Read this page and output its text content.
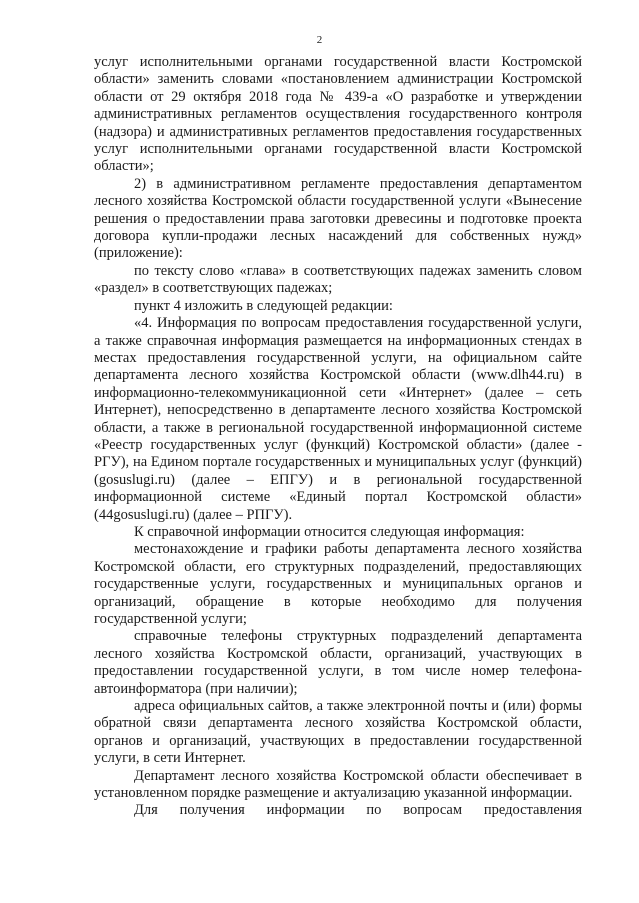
2

услуг исполнительными органами государственной власти Костромской области» заменить словами «постановлением администрации Костромской области от 29 октября 2018 года № 439-а «О разработке и утверждении административных регламентов осуществления государственного контроля (надзора) и административных регламентов предоставления государственных услуг исполнительными органами государственной власти Костромской области»;

2) в административном регламенте предоставления департаментом лесного хозяйства Костромской области государственной услуги «Вынесение решения о предоставлении права заготовки древесины и подготовке проекта договора купли-продажи лесных насаждений для собственных нужд» (приложение):

по тексту слово «глава» в соответствующих падежах заменить словом «раздел» в соответствующих падежах;

пункт 4 изложить в следующей редакции:

«4. Информация по вопросам предоставления государственной услуги, а также справочная информация размещается на информационных стендах в местах предоставления государственной услуги, на официальном сайте департамента лесного хозяйства Костромской области (www.dlh44.ru) в информационно-телекоммуникационной сети «Интернет» (далее – сеть Интернет), непосредственно в департаменте лесного хозяйства Костромской области, а также в региональной государственной информационной системе «Реестр государственных услуг (функций) Костромской области» (далее - РГУ), на Едином портале государственных и муниципальных услуг (функций) (gosuslugi.ru) (далее – ЕПГУ) и в региональной государственной информационной системе «Единый портал Костромской области» (44gosuslugi.ru) (далее – РПГУ).

К справочной информации относится следующая информация:

местонахождение и графики работы департамента лесного хозяйства Костромской области, его структурных подразделений, предоставляющих государственные услуги, государственных и муниципальных органов и организаций, обращение в которые необходимо для получения государственной услуги;

справочные телефоны структурных подразделений департамента лесного хозяйства Костромской области, организаций, участвующих в предоставлении государственной услуги, в том числе номер телефона-автоинформатора (при наличии);

адреса официальных сайтов, а также электронной почты и (или) формы обратной связи департамента лесного хозяйства Костромской области, органов и организаций, участвующих в предоставлении государственной услуги, в сети Интернет.

Департамент лесного хозяйства Костромской области обеспечивает в установленном порядке размещение и актуализацию указанной информации.

Для получения информации по вопросам предоставления
